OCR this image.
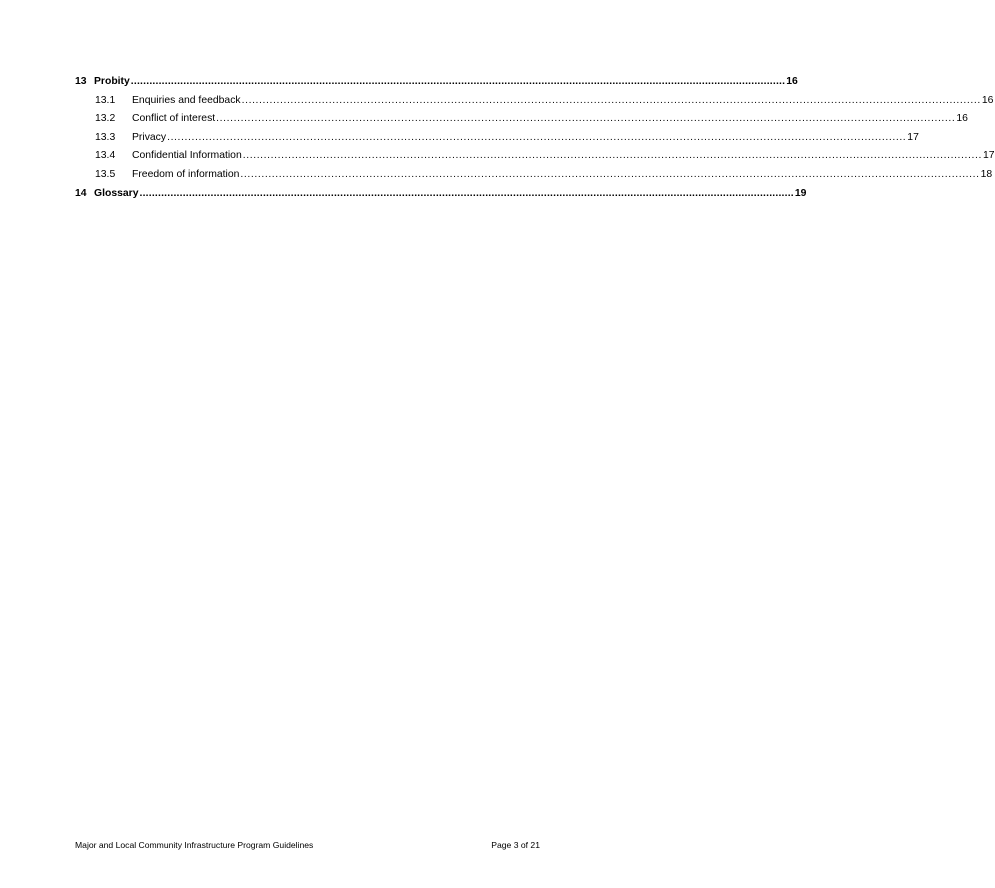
13 Probity .................................................................................................................................................................................................................... 16
13.1	Enquiries and feedback .................................................................................................................................................................................................................... 16
13.2	Conflict of interest .................................................................................................................................................................................................................... 16
13.3	Privacy .................................................................................................................................................................................................................... 17
13.4	Confidential Information .................................................................................................................................................................................................................... 17
13.5	Freedom of information .................................................................................................................................................................................................................... 18
14 Glossary .................................................................................................................................................................................................................... 19
Major and Local Community Infrastructure Program Guidelines	Page 3 of 21
